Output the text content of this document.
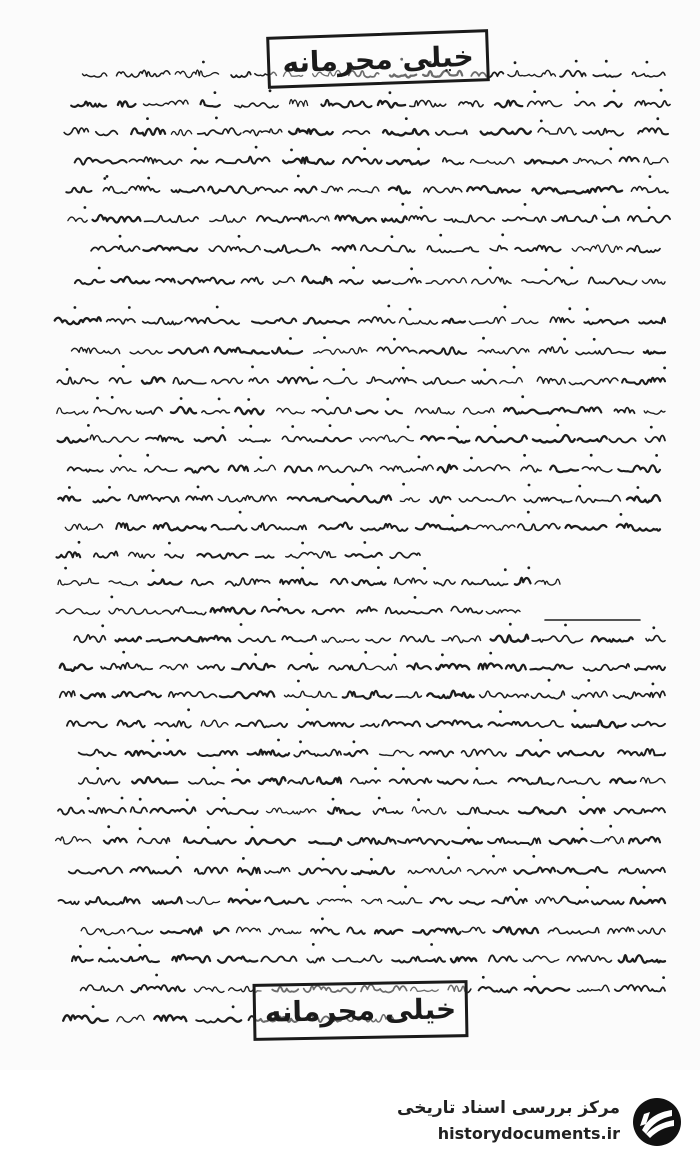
خیلی محرمانه
خیلی محرمانه
مرکز بررسی اسناد تاریخی
historydocuments.ir
